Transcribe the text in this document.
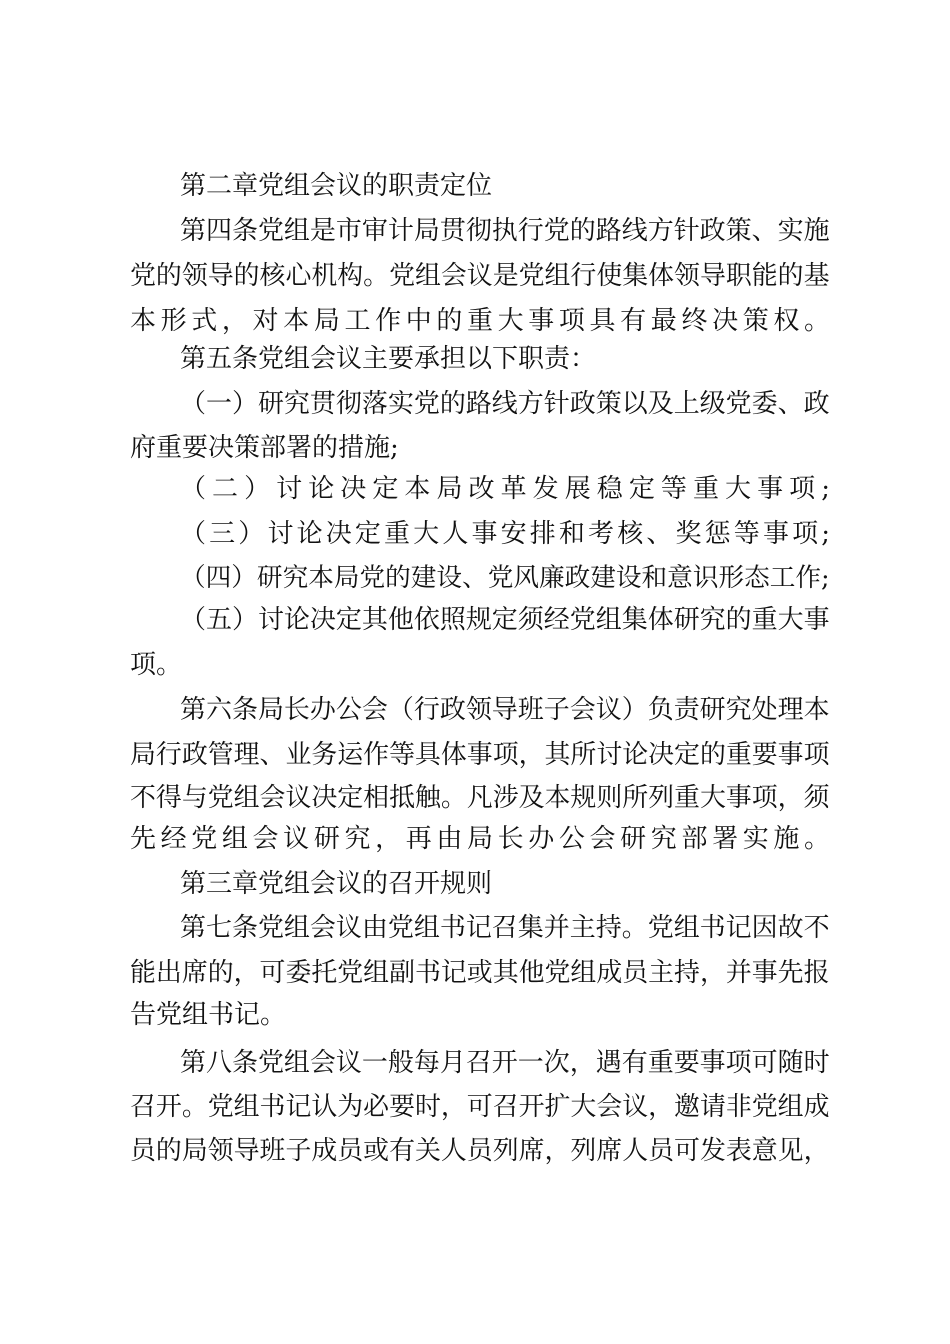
第二章党组会议的职责定位
第四条党组是市审计局贯彻执行党的路线方针政策、实施
党的领导的核心机构。党组会议是党组行使集体领导职能的基
本形式，对本局工作中的重大事项具有最终决策权。
第五条党组会议主要承担以下职责：
（一）研究贯彻落实党的路线方针政策以及上级党委、政
府重要决策部署的措施;
（二）讨论决定本局改革发展稳定等重大事项;
（三）讨论决定重大人事安排和考核、奖惩等事项;
（四）研究本局党的建设、党风廉政建设和意识形态工作;
（五）讨论决定其他依照规定须经党组集体研究的重大事
项。
第六条局长办公会（行政领导班子会议）负责研究处理本
局行政管理、业务运作等具体事项，其所讨论决定的重要事项
不得与党组会议决定相抵触。凡涉及本规则所列重大事项，须
先经党组会议研究，再由局长办公会研究部署实施。
第三章党组会议的召开规则
第七条党组会议由党组书记召集并主持。党组书记因故不
能出席的，可委托党组副书记或其他党组成员主持，并事先报
告党组书记。
第八条党组会议一般每月召开一次，遇有重要事项可随时
召开。党组书记认为必要时，可召开扩大会议，邀请非党组成
员的局领导班子成员或有关人员列席，列席人员可发表意见，
